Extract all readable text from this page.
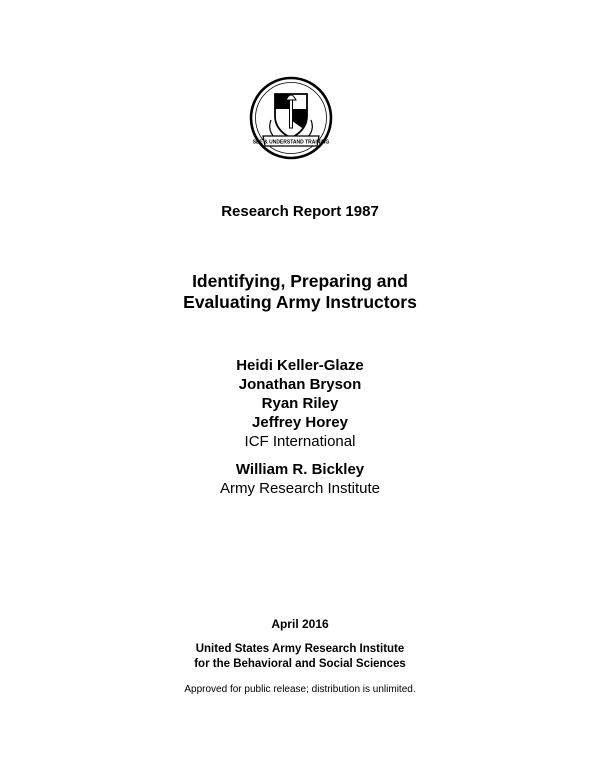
SEE & UNDERSTAND TRAINING
Research Report 1987
Identifying, Preparing and
Evaluating Army Instructors
Heidi Keller-Glaze
Jonathan Bryson
Ryan Riley
Jeffrey Horey
ICF International
William R. Bickley
Army Research Institute
April 2016
United States Army Research Institute
for the Behavioral and Social Sciences
Approved for public release; distribution is unlimited.
